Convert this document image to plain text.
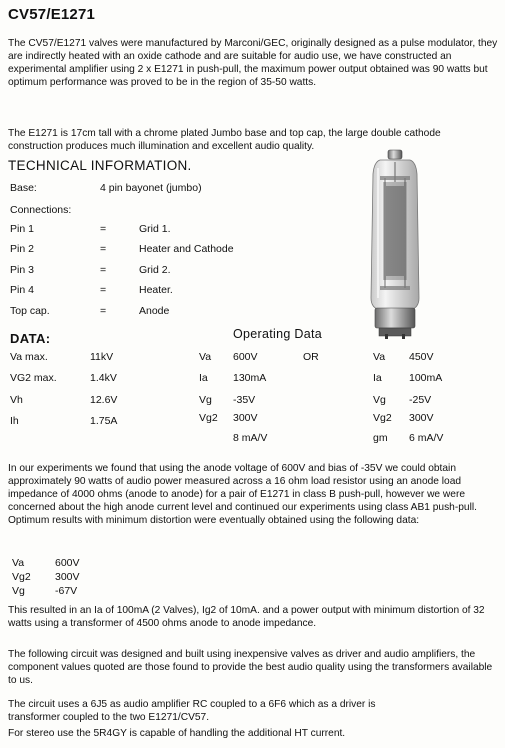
CV57/E1271

The CV57/E1271 valves were manufactured by Marconi/GEC, originally designed as a pulse modulator, they are indirectly heated with an oxide cathode and are suitable for audio use, we have constructed an experimental amplifier using 2 x E1271 in push-pull, the maximum power output obtained was 90 watts but optimum performance was proved to be in the region of 35-50 watts.

The E1271 is 17cm tall with a chrome plated Jumbo base and top cap, the large double cathode construction produces much illumination and excellent audio quality.

TECHNICAL INFORMATION.
Base:	4 pin bayonet (jumbo)
Connections:
Pin 1	=	Grid 1.
Pin 2	=	Heater and Cathode
Pin 3	=	Grid 2.
Pin 4	=	Heater.
Top cap.	=	Anode
DATA:	Operating Data
Va max.	11kV
VG2 max.	1.4kV
Vh	12.6V
Ih	1.75A
Va 600V
Ia 130mA
Vg -35V
Vg2 300V
8 mA/V
OR	Va 450V
Ia	100mA
Vg -25V
Vg2 300V
gm 6 mA/V

In our experiments we found that using the anode voltage of 600V and bias of -35V we could obtain approximately 90 watts of audio power measured across a 16 ohm load resistor using an anode load impedance of 4000 ohms (anode to anode) for a pair of E1271 in class B push-pull, however we were concerned about the high anode current level and continued our experiments using class AB1 push-pull. Optimum results with minimum distortion were eventually obtained using the following data:

Va	600V
Vg2 300V
Vg	-67V

This resulted in an Ia of 100mA (2 Valves), Ig2 of 10mA. and a power output with minimum distortion of 32 watts using a transformer of 4500 ohms anode to anode impedance.

The following circuit was designed and built using inexpensive valves as driver and audio amplifiers, the component values quoted are those found to provide the best audio quality using the transformers available to us.

The circuit uses a 6J5 as audio amplifier RC coupled to a 6F6 which as a driver is
transformer coupled to the two E1271/CV57.
For stereo use the 5R4GY is capable of handling the additional HT current.
